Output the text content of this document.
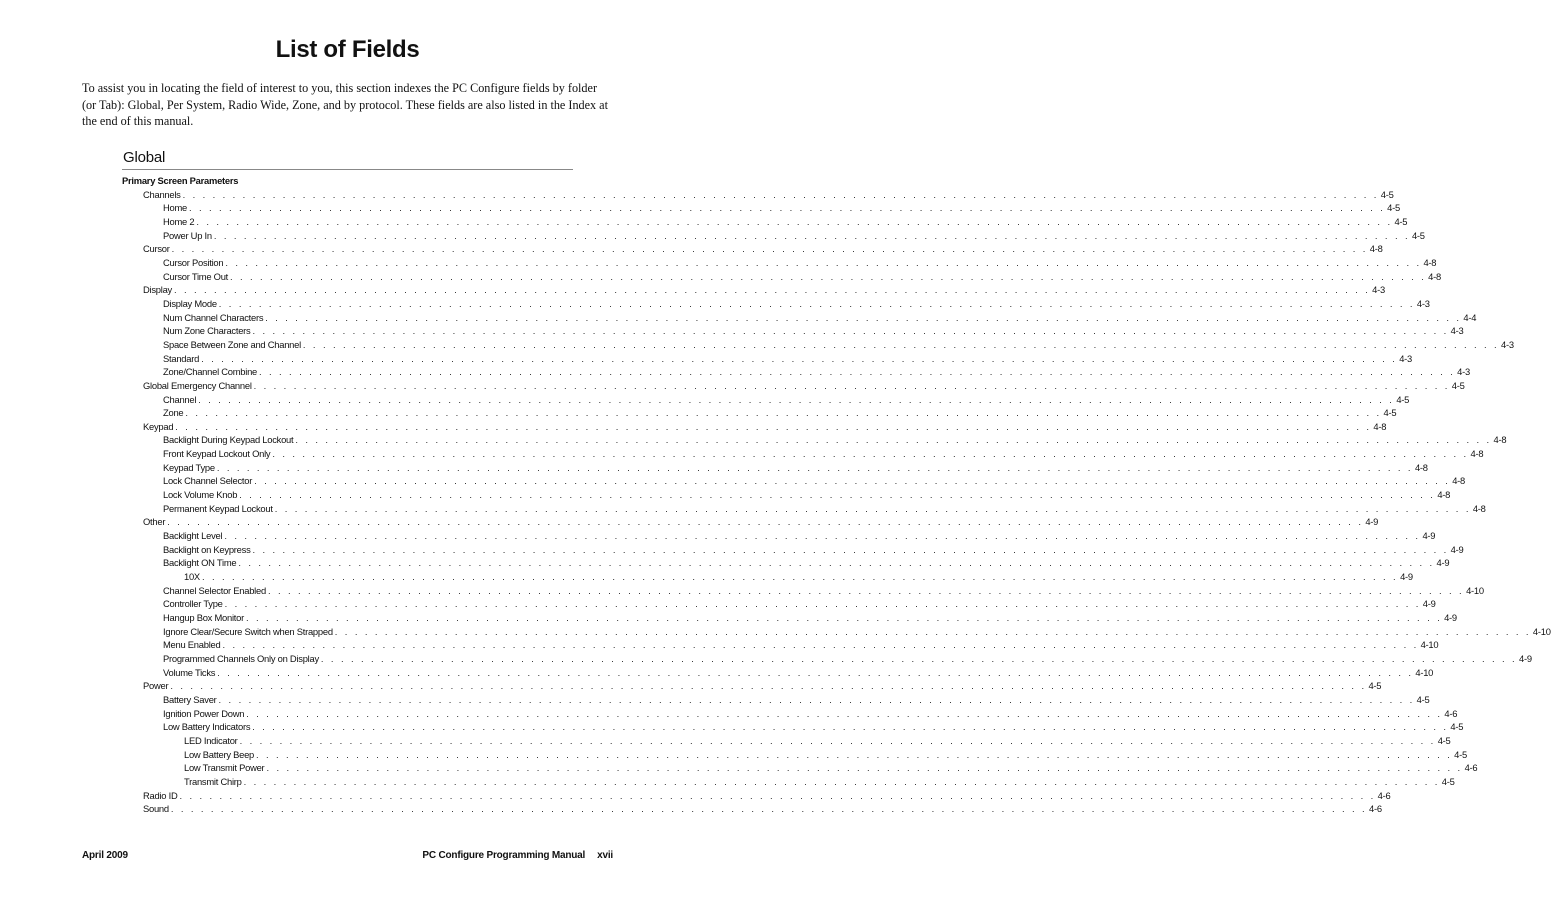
List of Fields
To assist you in locating the field of interest to you, this section indexes the PC Configure fields by folder (or Tab): Global, Per System, Radio Wide, Zone, and by protocol. These fields are also listed in the Index at the end of this manual.
Global
Primary Screen Parameters
Channels . . . . . . . . . . . . . . . . . . . . . . . . . . . . . . . . . . . . . . . . . . . . . . . . . . . . . . . . . . . . . . . . . . . . . . . . . . . . . . . . . . . . . . . . . . . . . . . . . . . . . . . . . . . . . . . . . . . . . . . . 4-5
Home . . . . . . . . . . . . . . . . . . . . . . . . . . . . . . . . . . . . . . . . . . . . . . . . . . . . . . . . . . . . . . . . . . . . . . . . . . . . . . . . . . . . . . . . . . . . . . . . . . . . . . . . . . . . . . . . . . . . . . . . 4-5
Home 2 . . . . . . . . . . . . . . . . . . . . . . . . . . . . . . . . . . . . . . . . . . . . . . . . . . . . . . . . . . . . . . . . . . . . . . . . . . . . . . . . . . . . . . . . . . . . . . . . . . . . . . . . . . . . . . . . . . . . . . . . 4-5
Power Up In . . . . . . . . . . . . . . . . . . . . . . . . . . . . . . . . . . . . . . . . . . . . . . . . . . . . . . . . . . . . . . . . . . . . . . . . . . . . . . . . . . . . . . . . . . . . . . . . . . . . . . . . . . . . . . . . . . . . . . . . 4-5
Cursor . . . . . . . . . . . . . . . . . . . . . . . . . . . . . . . . . . . . . . . . . . . . . . . . . . . . . . . . . . . . . . . . . . . . . . . . . . . . . . . . . . . . . . . . . . . . . . . . . . . . . . . . . . . . . . . . . . . . . . . . 4-8
Cursor Position . . . . . . . . . . . . . . . . . . . . . . . . . . . . . . . . . . . . . . . . . . . . . . . . . . . . . . . . . . . . . . . . . . . . . . . . . . . . . . . . . . . . . . . . . . . . . . . . . . . . . . . . . . . . . . . . . . . . . . . . 4-8
Cursor Time Out . . . . . . . . . . . . . . . . . . . . . . . . . . . . . . . . . . . . . . . . . . . . . . . . . . . . . . . . . . . . . . . . . . . . . . . . . . . . . . . . . . . . . . . . . . . . . . . . . . . . . . . . . . . . . . . . . . . . . . . . 4-8
Display . . . . . . . . . . . . . . . . . . . . . . . . . . . . . . . . . . . . . . . . . . . . . . . . . . . . . . . . . . . . . . . . . . . . . . . . . . . . . . . . . . . . . . . . . . . . . . . . . . . . . . . . . . . . . . . . . . . . . . . . 4-3
Display Mode . . . . . . . . . . . . . . . . . . . . . . . . . . . . . . . . . . . . . . . . . . . . . . . . . . . . . . . . . . . . . . . . . . . . . . . . . . . . . . . . . . . . . . . . . . . . . . . . . . . . . . . . . . . . . . . . . . . . . . . . 4-3
Num Channel Characters . . . . . . . . . . . . . . . . . . . . . . . . . . . . . . . . . . . . . . . . . . . . . . . . . . . . . . . . . . . . . . . . . . . . . . . . . . . . . . . . . . . . . . . . . . . . . . . . . . . . . . . . . . . . . . . . . . . . . . . . 4-4
Num Zone Characters . . . . . . . . . . . . . . . . . . . . . . . . . . . . . . . . . . . . . . . . . . . . . . . . . . . . . . . . . . . . . . . . . . . . . . . . . . . . . . . . . . . . . . . . . . . . . . . . . . . . . . . . . . . . . . . . . . . . . . . . 4-3
Space Between Zone and Channel . . . . . . . . . . . . . . . . . . . . . . . . . . . . . . . . . . . . . . . . . . . . . . . . . . . . . . . . . . . . . . . . . . . . . . . . . . . . . . . . . . . . . . . . . . . . . . . . . . . . . . . . . . . . . . . . . . . . . . . . 4-3
Standard . . . . . . . . . . . . . . . . . . . . . . . . . . . . . . . . . . . . . . . . . . . . . . . . . . . . . . . . . . . . . . . . . . . . . . . . . . . . . . . . . . . . . . . . . . . . . . . . . . . . . . . . . . . . . . . . . . . . . . . . 4-3
Zone/Channel Combine . . . . . . . . . . . . . . . . . . . . . . . . . . . . . . . . . . . . . . . . . . . . . . . . . . . . . . . . . . . . . . . . . . . . . . . . . . . . . . . . . . . . . . . . . . . . . . . . . . . . . . . . . . . . . . . . . . . . . . . . 4-3
Global Emergency Channel . . . . . . . . . . . . . . . . . . . . . . . . . . . . . . . . . . . . . . . . . . . . . . . . . . . . . . . . . . . . . . . . . . . . . . . . . . . . . . . . . . . . . . . . . . . . . . . . . . . . . . . . . . . . . . . . . . . . . . . . 4-5
Channel . . . . . . . . . . . . . . . . . . . . . . . . . . . . . . . . . . . . . . . . . . . . . . . . . . . . . . . . . . . . . . . . . . . . . . . . . . . . . . . . . . . . . . . . . . . . . . . . . . . . . . . . . . . . . . . . . . . . . . . . 4-5
Zone . . . . . . . . . . . . . . . . . . . . . . . . . . . . . . . . . . . . . . . . . . . . . . . . . . . . . . . . . . . . . . . . . . . . . . . . . . . . . . . . . . . . . . . . . . . . . . . . . . . . . . . . . . . . . . . . . . . . . . . . 4-5
Keypad . . . . . . . . . . . . . . . . . . . . . . . . . . . . . . . . . . . . . . . . . . . . . . . . . . . . . . . . . . . . . . . . . . . . . . . . . . . . . . . . . . . . . . . . . . . . . . . . . . . . . . . . . . . . . . . . . . . . . . . . 4-8
Backlight During Keypad Lockout . . . . . . . . . . . . . . . . . . . . . . . . . . . . . . . . . . . . . . . . . . . . . . . . . . . . . . . . . . . . . . . . . . . . . . . . . . . . . . . . . . . . . . . . . . . . . . . . . . . . . . . . . . . . . . . . . . . . . . . . 4-8
Front Keypad Lockout Only . . . . . . . . . . . . . . . . . . . . . . . . . . . . . . . . . . . . . . . . . . . . . . . . . . . . . . . . . . . . . . . . . . . . . . . . . . . . . . . . . . . . . . . . . . . . . . . . . . . . . . . . . . . . . . . . . . . . . . . . 4-8
Keypad Type . . . . . . . . . . . . . . . . . . . . . . . . . . . . . . . . . . . . . . . . . . . . . . . . . . . . . . . . . . . . . . . . . . . . . . . . . . . . . . . . . . . . . . . . . . . . . . . . . . . . . . . . . . . . . . . . . . . . . . . . 4-8
Lock Channel Selector . . . . . . . . . . . . . . . . . . . . . . . . . . . . . . . . . . . . . . . . . . . . . . . . . . . . . . . . . . . . . . . . . . . . . . . . . . . . . . . . . . . . . . . . . . . . . . . . . . . . . . . . . . . . . . . . . . . . . . . . 4-8
Lock Volume Knob . . . . . . . . . . . . . . . . . . . . . . . . . . . . . . . . . . . . . . . . . . . . . . . . . . . . . . . . . . . . . . . . . . . . . . . . . . . . . . . . . . . . . . . . . . . . . . . . . . . . . . . . . . . . . . . . . . . . . . . . 4-8
Permanent Keypad Lockout . . . . . . . . . . . . . . . . . . . . . . . . . . . . . . . . . . . . . . . . . . . . . . . . . . . . . . . . . . . . . . . . . . . . . . . . . . . . . . . . . . . . . . . . . . . . . . . . . . . . . . . . . . . . . . . . . . . . . . . . 4-8
Other . . . . . . . . . . . . . . . . . . . . . . . . . . . . . . . . . . . . . . . . . . . . . . . . . . . . . . . . . . . . . . . . . . . . . . . . . . . . . . . . . . . . . . . . . . . . . . . . . . . . . . . . . . . . . . . . . . . . . . . . 4-9
Backlight Level . . . . . . . . . . . . . . . . . . . . . . . . . . . . . . . . . . . . . . . . . . . . . . . . . . . . . . . . . . . . . . . . . . . . . . . . . . . . . . . . . . . . . . . . . . . . . . . . . . . . . . . . . . . . . . . . . . . . . . . . 4-9
Backlight on Keypress . . . . . . . . . . . . . . . . . . . . . . . . . . . . . . . . . . . . . . . . . . . . . . . . . . . . . . . . . . . . . . . . . . . . . . . . . . . . . . . . . . . . . . . . . . . . . . . . . . . . . . . . . . . . . . . . . . . . . . . . 4-9
Backlight ON Time . . . . . . . . . . . . . . . . . . . . . . . . . . . . . . . . . . . . . . . . . . . . . . . . . . . . . . . . . . . . . . . . . . . . . . . . . . . . . . . . . . . . . . . . . . . . . . . . . . . . . . . . . . . . . . . . . . . . . . . . 4-9
10X . . . . . . . . . . . . . . . . . . . . . . . . . . . . . . . . . . . . . . . . . . . . . . . . . . . . . . . . . . . . . . . . . . . . . . . . . . . . . . . . . . . . . . . . . . . . . . . . . . . . . . . . . . . . . . . . . . . . . . . . 4-9
Channel Selector Enabled . . . . . . . . . . . . . . . . . . . . . . . . . . . . . . . . . . . . . . . . . . . . . . . . . . . . . . . . . . . . . . . . . . . . . . . . . . . . . . . . . . . . . . . . . . . . . . . . . . . . . . . . . . . . . . . . . . . . . . . . 4-10
Controller Type . . . . . . . . . . . . . . . . . . . . . . . . . . . . . . . . . . . . . . . . . . . . . . . . . . . . . . . . . . . . . . . . . . . . . . . . . . . . . . . . . . . . . . . . . . . . . . . . . . . . . . . . . . . . . . . . . . . . . . . . 4-9
Hangup Box Monitor . . . . . . . . . . . . . . . . . . . . . . . . . . . . . . . . . . . . . . . . . . . . . . . . . . . . . . . . . . . . . . . . . . . . . . . . . . . . . . . . . . . . . . . . . . . . . . . . . . . . . . . . . . . . . . . . . . . . . . . . 4-9
Ignore Clear/Secure Switch when Strapped . . . . . . . . . . . . . . . . . . . . . . . . . . . . . . . . . . . . . . . . . . . . . . . . . . . . . . . . . . . . . . . . . . . . . . . . . . . . . . . . . . . . . . . . . . . . . . . . . . . . . . . . . . . . . . . . . . . . . . . . 4-10
Menu Enabled . . . . . . . . . . . . . . . . . . . . . . . . . . . . . . . . . . . . . . . . . . . . . . . . . . . . . . . . . . . . . . . . . . . . . . . . . . . . . . . . . . . . . . . . . . . . . . . . . . . . . . . . . . . . . . . . . . . . . . . . 4-10
Programmed Channels Only on Display . . . . . . . . . . . . . . . . . . . . . . . . . . . . . . . . . . . . . . . . . . . . . . . . . . . . . . . . . . . . . . . . . . . . . . . . . . . . . . . . . . . . . . . . . . . . . . . . . . . . . . . . . . . . . . . . . . . . . . . . 4-9
Volume Ticks . . . . . . . . . . . . . . . . . . . . . . . . . . . . . . . . . . . . . . . . . . . . . . . . . . . . . . . . . . . . . . . . . . . . . . . . . . . . . . . . . . . . . . . . . . . . . . . . . . . . . . . . . . . . . . . . . . . . . . . . 4-10
Power . . . . . . . . . . . . . . . . . . . . . . . . . . . . . . . . . . . . . . . . . . . . . . . . . . . . . . . . . . . . . . . . . . . . . . . . . . . . . . . . . . . . . . . . . . . . . . . . . . . . . . . . . . . . . . . . . . . . . . . . 4-5
Battery Saver . . . . . . . . . . . . . . . . . . . . . . . . . . . . . . . . . . . . . . . . . . . . . . . . . . . . . . . . . . . . . . . . . . . . . . . . . . . . . . . . . . . . . . . . . . . . . . . . . . . . . . . . . . . . . . . . . . . . . . . . 4-5
Ignition Power Down . . . . . . . . . . . . . . . . . . . . . . . . . . . . . . . . . . . . . . . . . . . . . . . . . . . . . . . . . . . . . . . . . . . . . . . . . . . . . . . . . . . . . . . . . . . . . . . . . . . . . . . . . . . . . . . . . . . . . . . . 4-6
Low Battery Indicators . . . . . . . . . . . . . . . . . . . . . . . . . . . . . . . . . . . . . . . . . . . . . . . . . . . . . . . . . . . . . . . . . . . . . . . . . . . . . . . . . . . . . . . . . . . . . . . . . . . . . . . . . . . . . . . . . . . . . . . . 4-5
LED Indicator . . . . . . . . . . . . . . . . . . . . . . . . . . . . . . . . . . . . . . . . . . . . . . . . . . . . . . . . . . . . . . . . . . . . . . . . . . . . . . . . . . . . . . . . . . . . . . . . . . . . . . . . . . . . . . . . . . . . . . . . 4-5
Low Battery Beep . . . . . . . . . . . . . . . . . . . . . . . . . . . . . . . . . . . . . . . . . . . . . . . . . . . . . . . . . . . . . . . . . . . . . . . . . . . . . . . . . . . . . . . . . . . . . . . . . . . . . . . . . . . . . . . . . . . . . . . . 4-5
Low Transmit Power . . . . . . . . . . . . . . . . . . . . . . . . . . . . . . . . . . . . . . . . . . . . . . . . . . . . . . . . . . . . . . . . . . . . . . . . . . . . . . . . . . . . . . . . . . . . . . . . . . . . . . . . . . . . . . . . . . . . . . . . 4-6
Transmit Chirp . . . . . . . . . . . . . . . . . . . . . . . . . . . . . . . . . . . . . . . . . . . . . . . . . . . . . . . . . . . . . . . . . . . . . . . . . . . . . . . . . . . . . . . . . . . . . . . . . . . . . . . . . . . . . . . . . . . . . . . . 4-5
Radio ID . . . . . . . . . . . . . . . . . . . . . . . . . . . . . . . . . . . . . . . . . . . . . . . . . . . . . . . . . . . . . . . . . . . . . . . . . . . . . . . . . . . . . . . . . . . . . . . . . . . . . . . . . . . . . . . . . . . . . . . . 4-6
Sound . . . . . . . . . . . . . . . . . . . . . . . . . . . . . . . . . . . . . . . . . . . . . . . . . . . . . . . . . . . . . . . . . . . . . . . . . . . . . . . . . . . . . . . . . . . . . . . . . . . . . . . . . . . . . . . . . . . . . . . . 4-6
April 2009	PC Configure Programming Manual xvii
